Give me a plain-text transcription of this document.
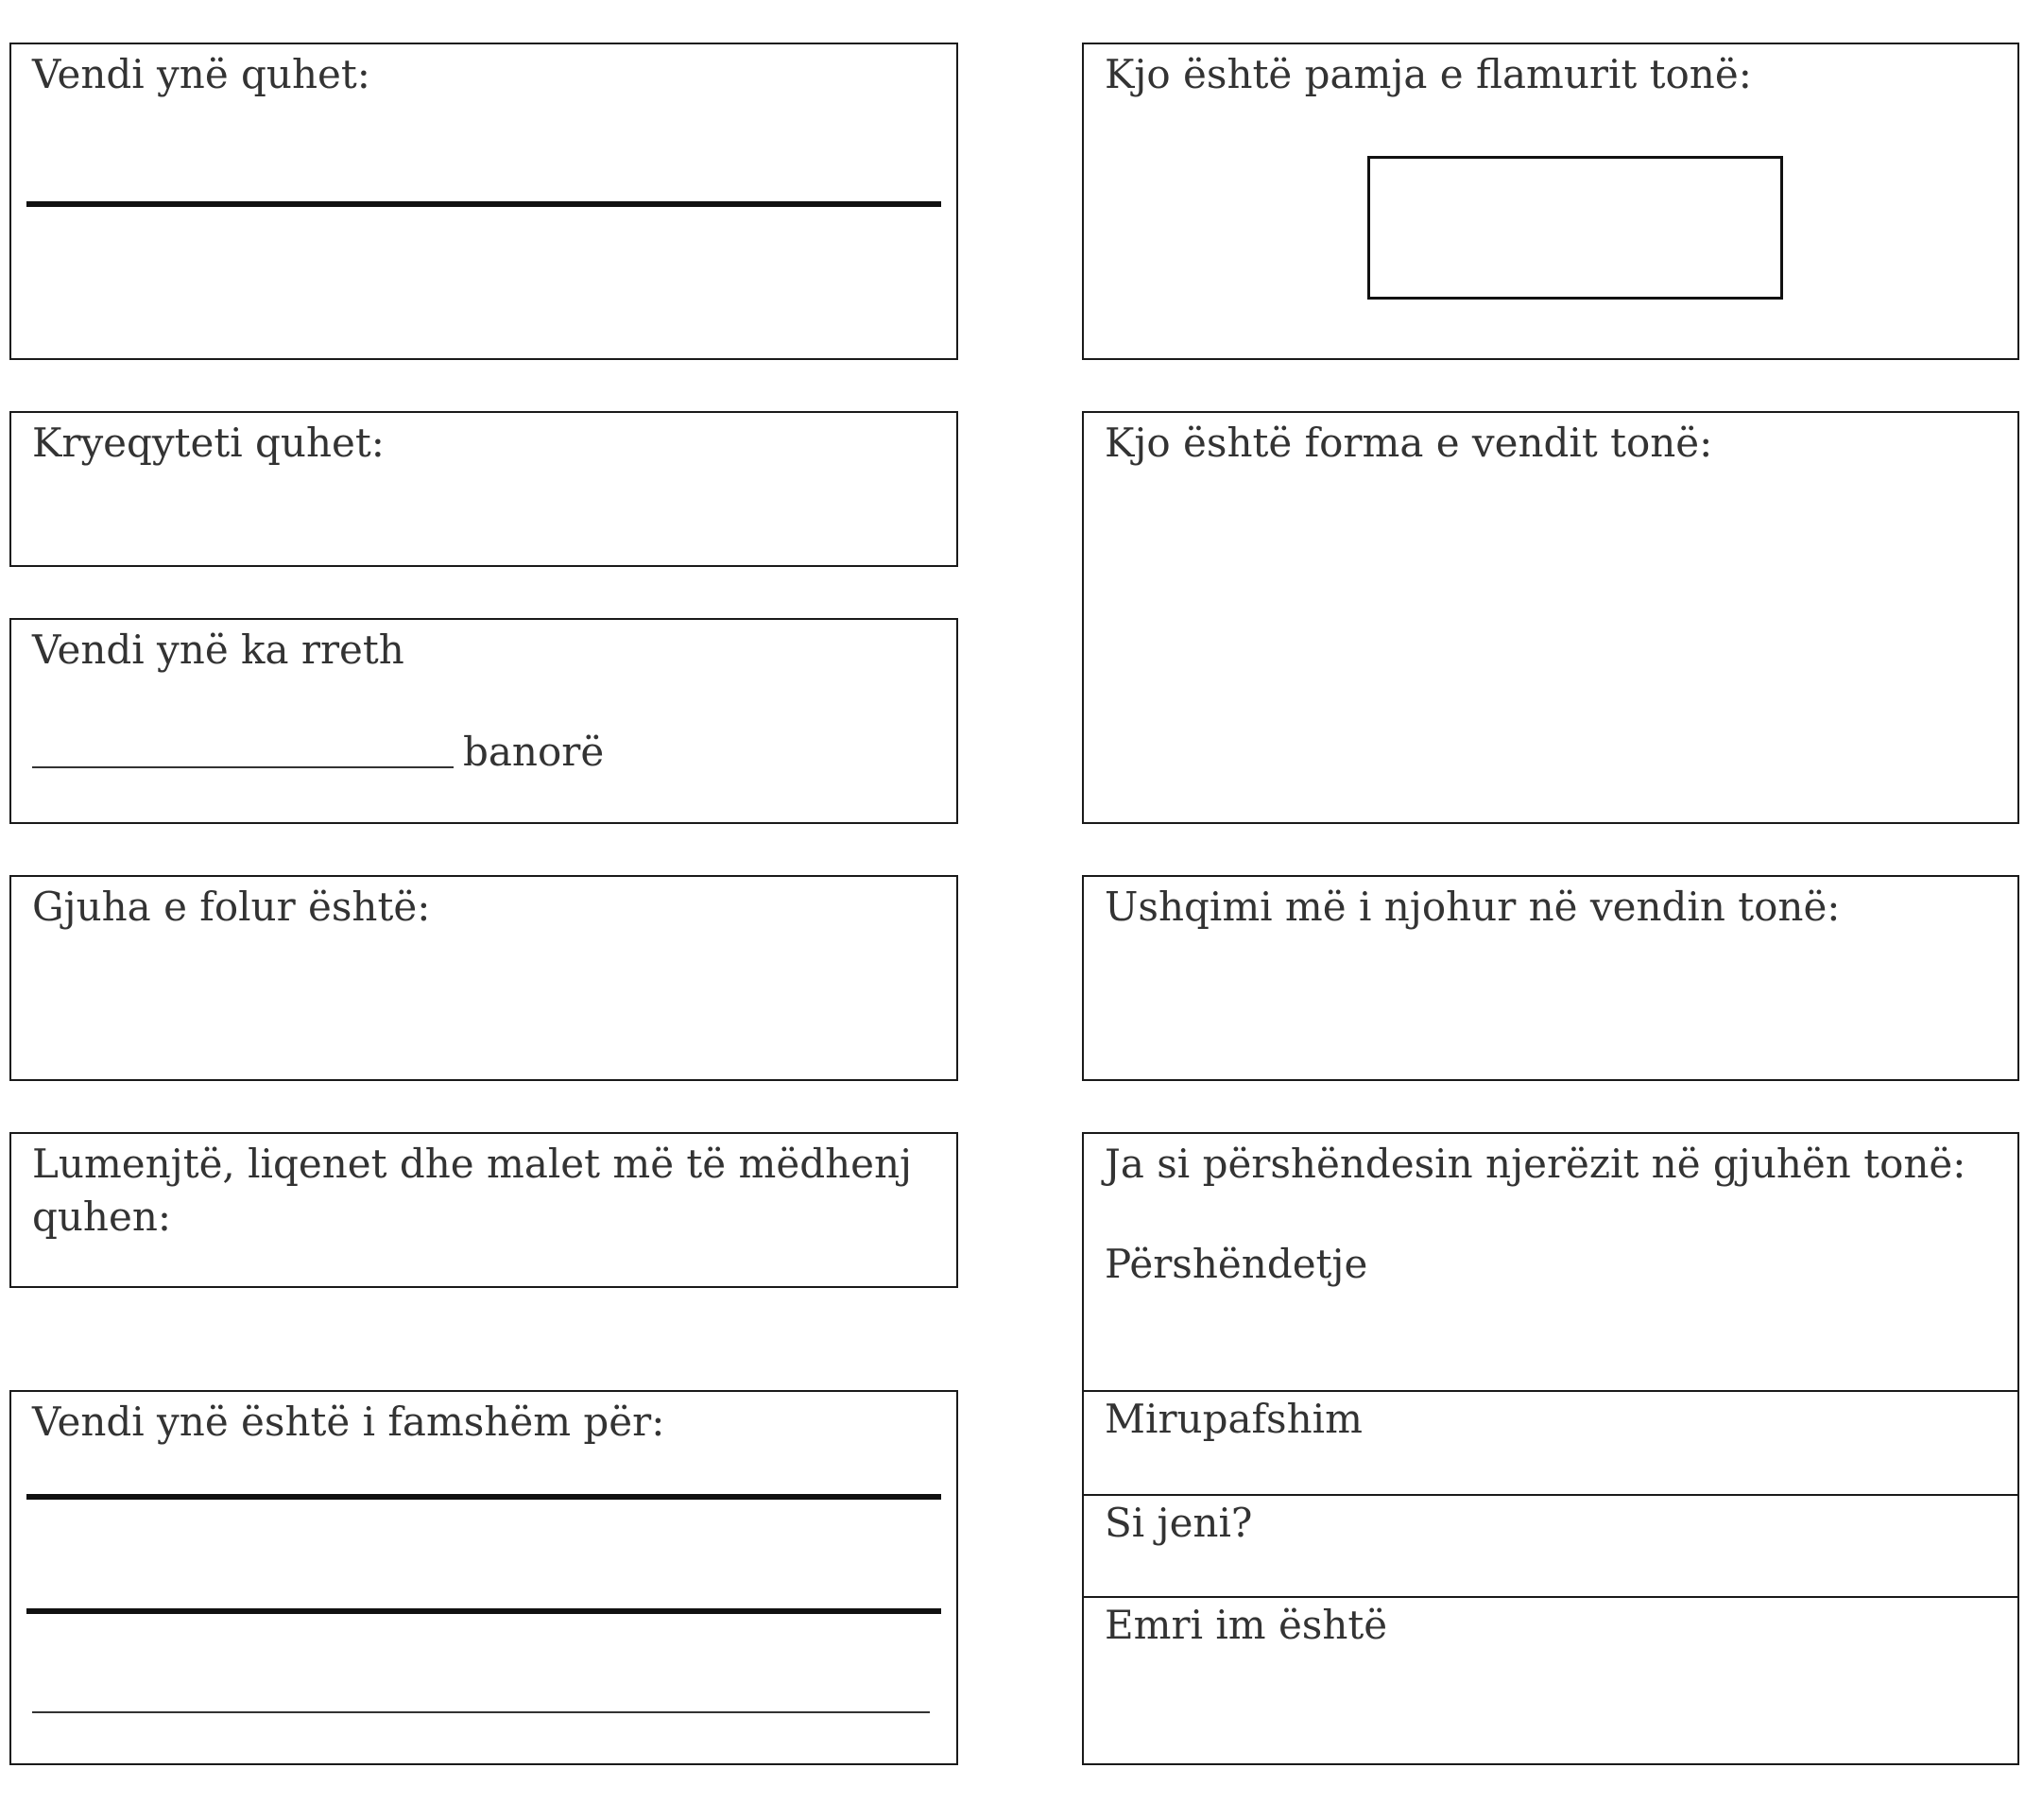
Vendi ynë quhet:
Kryeqyteti quhet:
Vendi ynë ka rreth
banorë
Gjuha e folur është:
Lumenjtë, liqenet dhe malet më të mëdhenj quhen:
Vendi ynë është i famshëm për:
Kjo është pamja e flamurit tonë:
Kjo është forma e vendit tonë:
Ushqimi më i njohur në vendin tonë:
Ja si përshëndesin njerëzit në gjuhën tonë:
Përshëndetje
Mirupafshim
Si jeni?
Emri im është
